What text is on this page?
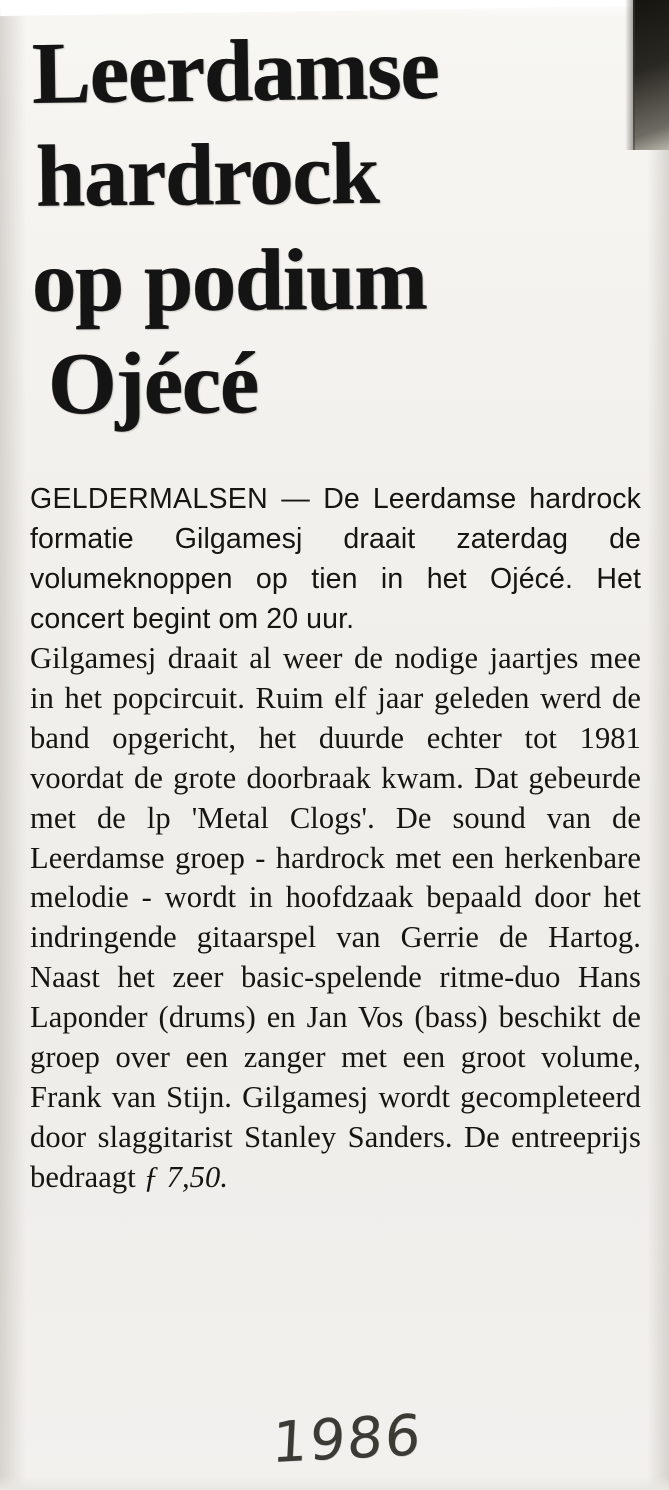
Leerdamse
hardrock
op podium
Ojécé

GELDERMALSEN — De Leerdamse hardrock formatie Gilgamesj draait zaterdag de volumeknoppen op tien in het Ojécé. Het concert begint om 20 uur.

Gilgamesj draait al weer de nodige jaartjes mee in het popcircuit. Ruim elf jaar geleden werd de band opgericht, het duurde echter tot 1981 voordat de grote doorbraak kwam. Dat gebeurde met de lp 'Metal Clogs'. De sound van de Leerdamse groep - hardrock met een herkenbare melodie - wordt in hoofdzaak bepaald door het indringende gitaarspel van Gerrie de Hartog. Naast het zeer basic-spelende ritme-duo Hans Laponder (drums) en Jan Vos (bass) beschikt de groep over een zanger met een groot volume, Frank van Stijn. Gilgamesj wordt gecompleteerd door slaggitarist Stanley Sanders. De entreeprijs bedraagt ƒ 7,50.

1986
